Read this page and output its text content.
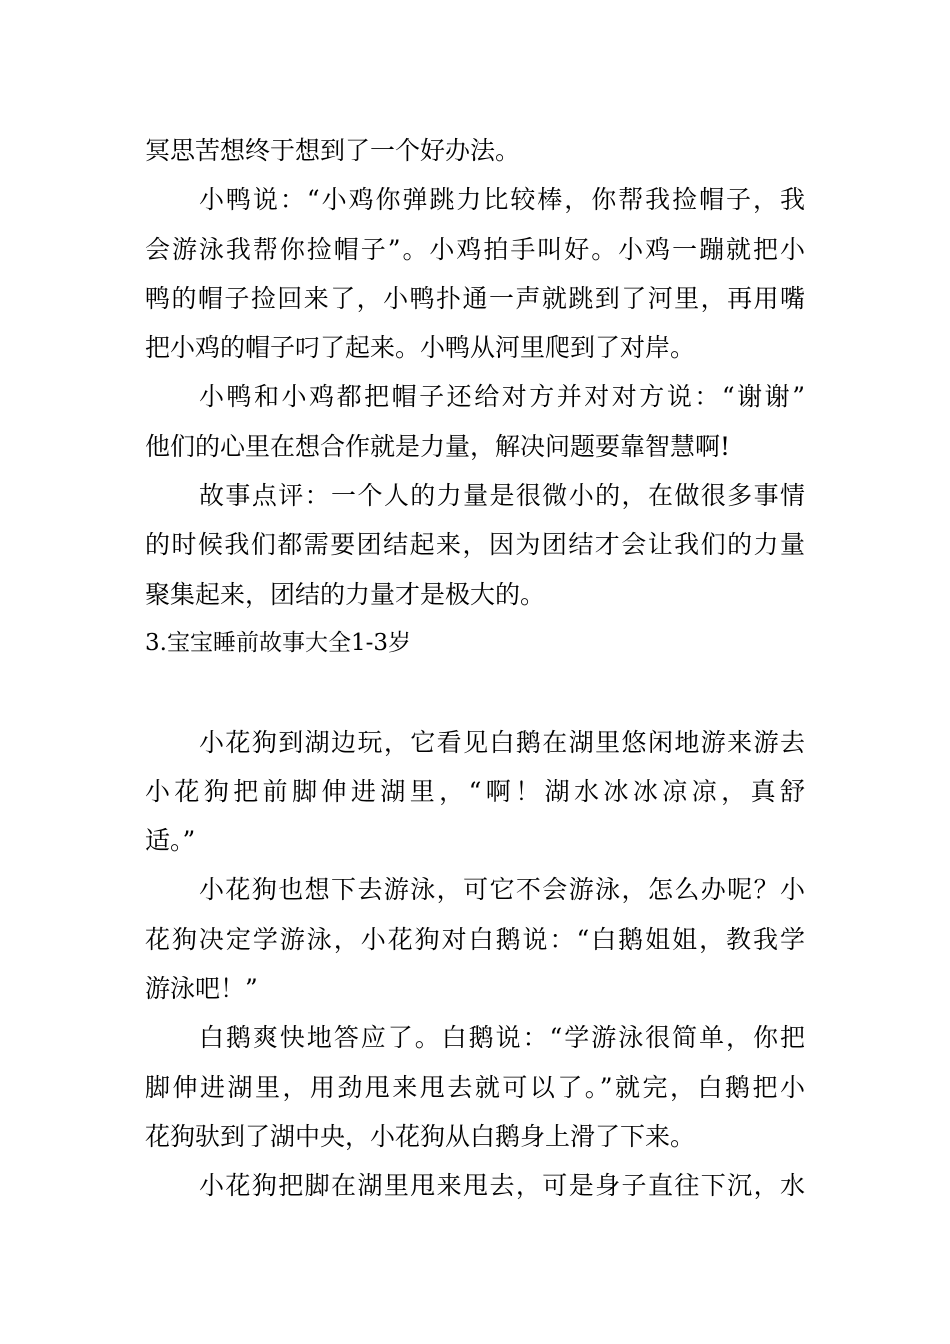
冥思苦想终于想到了一个好办法。
小鸭说：“小鸡你弹跳力比较棒，你帮我捡帽子，我
会游泳我帮你捡帽子”。小鸡拍手叫好。小鸡一蹦就把小
鸭的帽子捡回来了，小鸭扑通一声就跳到了河里，再用嘴
把小鸡的帽子叼了起来。小鸭从河里爬到了对岸。
小鸭和小鸡都把帽子还给对方并对对方说：“谢谢”
他们的心里在想合作就是力量，解决问题要靠智慧啊!
故事点评：一个人的力量是很微小的，在做很多事情
的时候我们都需要团结起来，因为团结才会让我们的力量
聚集起来，团结的力量才是极大的。
3.宝宝睡前故事大全1-3岁
小花狗到湖边玩，它看见白鹅在湖里悠闲地游来游去
小花狗把前脚伸进湖里，“啊！湖水冰冰凉凉，真舒
适。”
小花狗也想下去游泳，可它不会游泳，怎么办呢？小
花狗决定学游泳，小花狗对白鹅说：“白鹅姐姐，教我学
游泳吧！”
白鹅爽快地答应了。白鹅说：“学游泳很简单，你把
脚伸进湖里，用劲甩来甩去就可以了。”就完，白鹅把小
花狗驮到了湖中央，小花狗从白鹅身上滑了下来。
小花狗把脚在湖里甩来甩去，可是身子直往下沉，水
